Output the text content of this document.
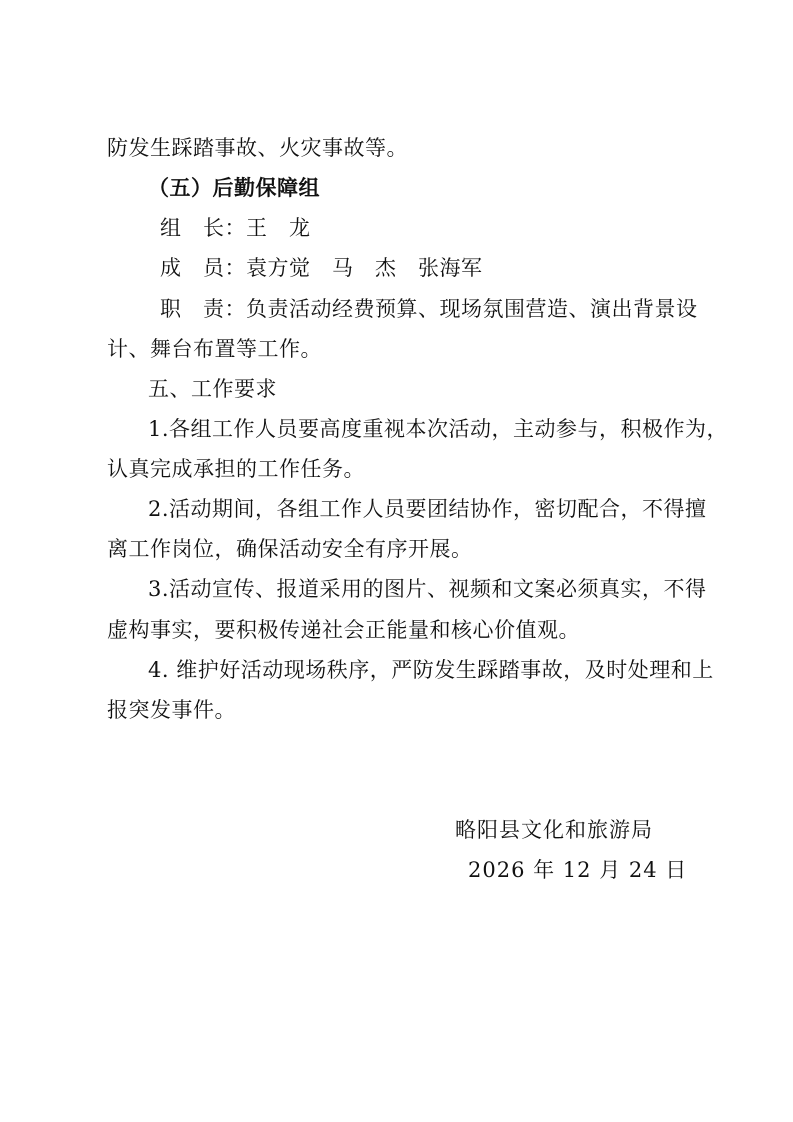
防发生踩踏事故、火灾事故等。
（五）后勤保障组
组　长：王　龙
成　员：袁方觉　马　杰　张海军
职　责：负责活动经费预算、现场氛围营造、演出背景设
计、舞台布置等工作。
五、工作要求
1.各组工作人员要高度重视本次活动，主动参与，积极作为，
认真完成承担的工作任务。
2.活动期间，各组工作人员要团结协作，密切配合，不得擅
离工作岗位，确保活动安全有序开展。
3.活动宣传、报道采用的图片、视频和文案必须真实，不得
虚构事实，要积极传递社会正能量和核心价值观。
4. 维护好活动现场秩序，严防发生踩踏事故，及时处理和上
报突发事件。
略阳县文化和旅游局
2026 年 12 月 24 日
